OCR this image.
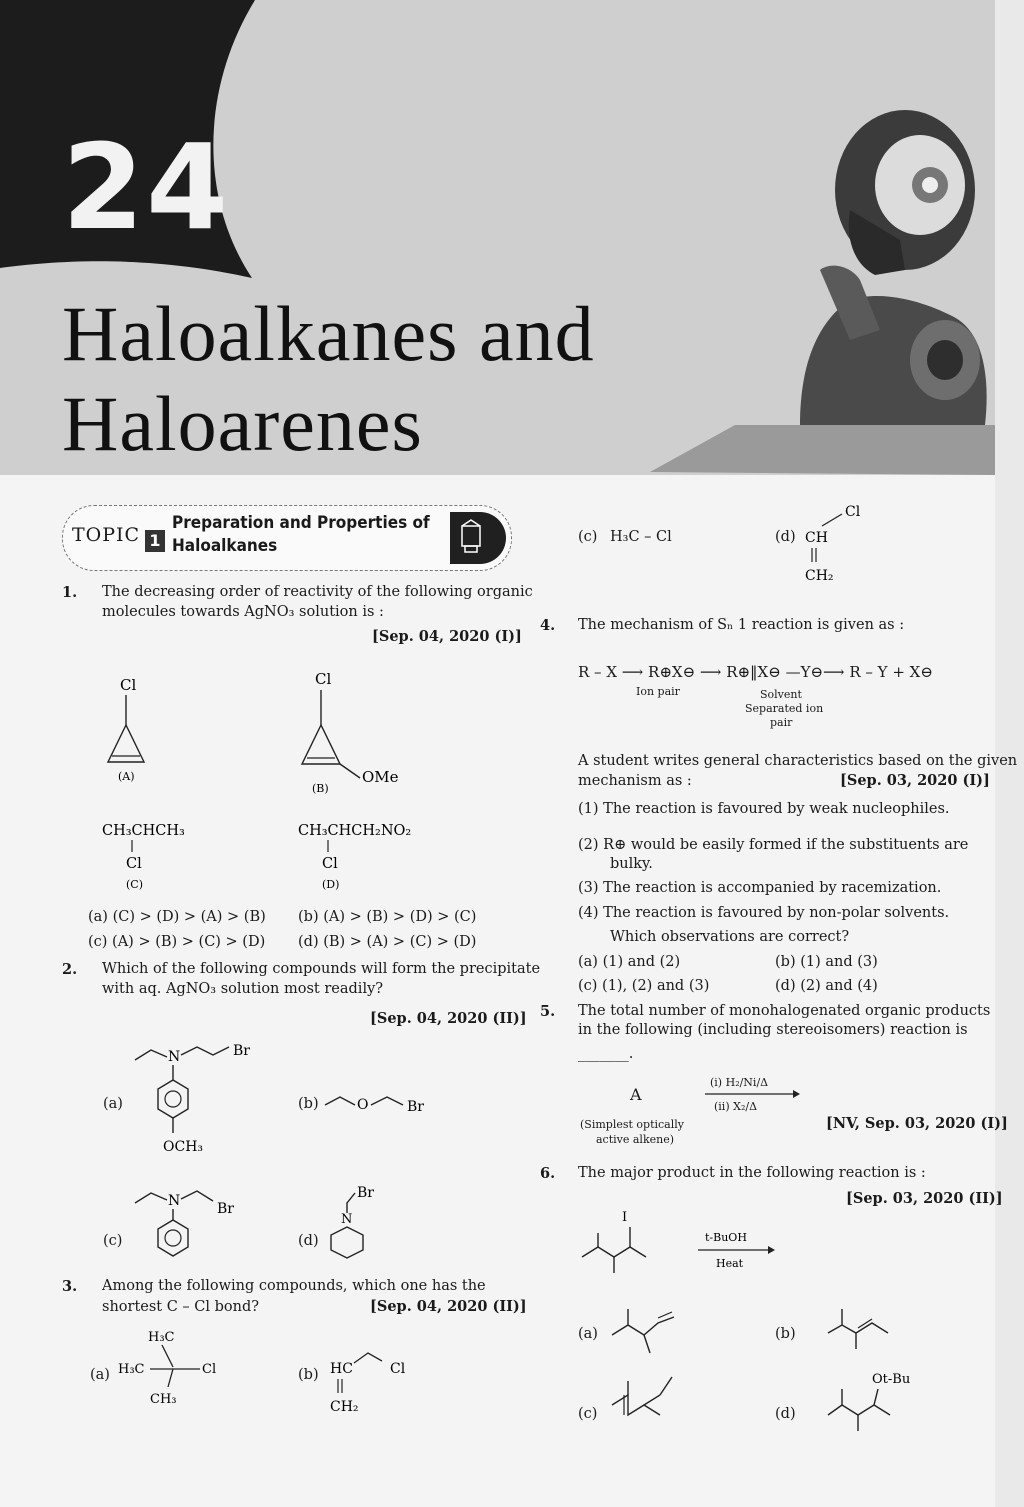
24
Haloalkanes and
Haloarenes
TOPIC 1
Preparation and Properties of
Haloalkanes
1. The decreasing order of reactivity of the following organic
molecules towards AgNO₃ solution is :
[Sep. 04, 2020 (I)]
Cl
(A)
Cl
OMe
(B)
CH₃CHCH₃
Cl
(C)
CH₃CHCH₂NO₂
Cl
(D)
(a) (C) > (D) > (A) > (B) (b) (A) > (B) > (D) > (C)
(c) (A) > (B) > (C) > (D) (d) (B) > (A) > (C) > (D)
2. Which of the following compounds will form the precipitate
with aq. AgNO₃ solution most readily?
[Sep. 04, 2020 (II)]
(a)	(b)
(c)	(d)
N	Br
OCH₃
O	Br
N	Br
Br
N
3. Among the following compounds, which one has the
shortest C – Cl bond?	[Sep. 04, 2020 (II)]
(a)	(b)
(c)	(d)
H₃C
H₃C	Cl
CH₃
HC	Cl
CH₂
H₃C – Cl
Cl
CH
CH₂
4. The mechanism of Sₙ 1 reaction is given as :
R – X ⟶ R⊕X⊖ ⟶ R⊕‖X⊖ —Y⊖⟶ R – Y + X⊖
Ion pair	Solvent
Separated ion
pair
A student writes general characteristics based on the given
mechanism as :	[Sep. 03, 2020 (I)]
(1) The reaction is favoured by weak nucleophiles.
(2) R⊕ would be easily formed if the substituents are
bulky.
(3) The reaction is accompanied by racemization.
(4) The reaction is favoured by non-polar solvents.
Which observations are correct?
(a) (1) and (2)	(b) (1) and (3)
(c) (1), (2) and (3)	(d) (2) and (4)
5. The total number of monohalogenated organic products
in the following (including stereoisomers) reaction is
_______.
A
(i) H₂/Ni/Δ
(ii) X₂/Δ
(Simplest optically
active alkene)
[NV, Sep. 03, 2020 (I)]
6. The major product in the following reaction is :
[Sep. 03, 2020 (II)]
(a)	(b)
(c)	(d)
I
t-BuOH
Heat
Ot-Bu
